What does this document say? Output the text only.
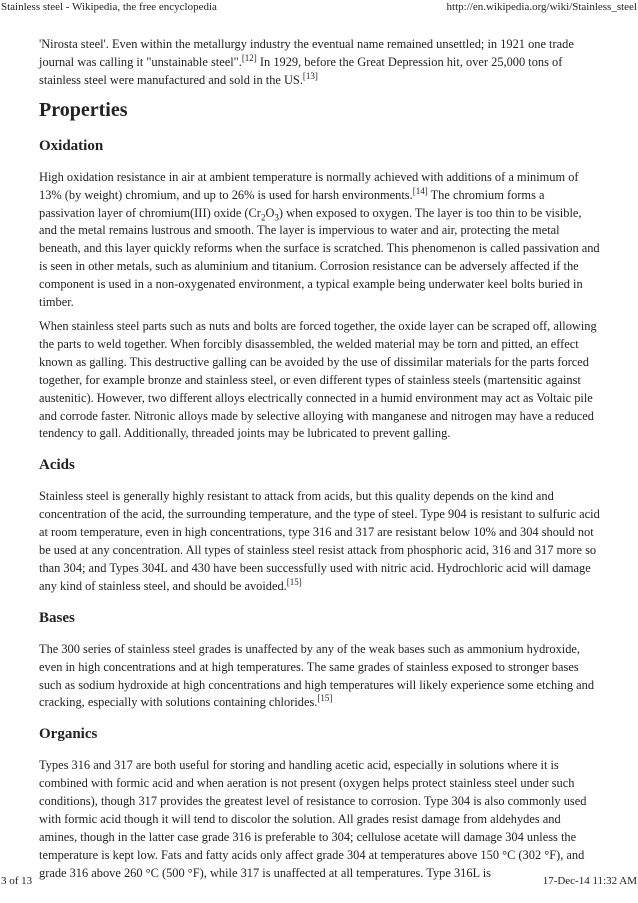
Stainless steel - Wikipedia, the free encyclopedia	http://en.wikipedia.org/wiki/Stainless_steel

'Nirosta steel'. Even within the metallurgy industry the eventual name remained unsettled; in 1921 one trade journal was calling it "unstainable steel".[12] In 1929, before the Great Depression hit, over 25,000 tons of stainless steel were manufactured and sold in the US.[13]

Properties
Oxidation

High oxidation resistance in air at ambient temperature is normally achieved with additions of a minimum of 13% (by weight) chromium, and up to 26% is used for harsh environments.[14] The chromium forms a passivation layer of chromium(III) oxide $(Cr_2O_3)$ when exposed to oxygen. The layer is too thin to be visible, and the metal remains lustrous and smooth. The layer is impervious to water and air, protecting the metal beneath, and this layer quickly reforms when the surface is scratched. This phenomenon is called passivation and is seen in other metals, such as aluminium and titanium. Corrosion resistance can be adversely affected if the component is used in a non-oxygenated environment, a typical example being underwater keel bolts buried in timber.

When stainless steel parts such as nuts and bolts are forced together, the oxide layer can be scraped off, allowing the parts to weld together. When forcibly disassembled, the welded material may be torn and pitted, an effect known as galling. This destructive galling can be avoided by the use of dissimilar materials for the parts forced together, for example bronze and stainless steel, or even different types of stainless steels (martensitic against austenitic). However, two different alloys electrically connected in a humid environment may act as Voltaic pile and corrode faster. Nitronic alloys made by selective alloying with manganese and nitrogen may have a reduced tendency to gall. Additionally, threaded joints may be lubricated to prevent galling.

Acids

Stainless steel is generally highly resistant to attack from acids, but this quality depends on the kind and concentration of the acid, the surrounding temperature, and the type of steel. Type 904 is resistant to sulfuric acid at room temperature, even in high concentrations, type 316 and 317 are resistant below 10% and 304 should not be used at any concentration. All types of stainless steel resist attack from phosphoric acid, 316 and 317 more so than 304; and Types 304L and 430 have been successfully used with nitric acid. Hydrochloric acid will damage any kind of stainless steel, and should be avoided.[15]

Bases

The 300 series of stainless steel grades is unaffected by any of the weak bases such as ammonium hydroxide, even in high concentrations and at high temperatures. The same grades of stainless exposed to stronger bases such as sodium hydroxide at high concentrations and high temperatures will likely experience some etching and cracking, especially with solutions containing chlorides.[15]

Organics

Types 316 and 317 are both useful for storing and handling acetic acid, especially in solutions where it is combined with formic acid and when aeration is not present (oxygen helps protect stainless steel under such conditions), though 317 provides the greatest level of resistance to corrosion. Type 304 is also commonly used with formic acid though it will tend to discolor the solution. All grades resist damage from aldehydes and amines, though in the latter case grade 316 is preferable to 304; cellulose acetate will damage 304 unless the temperature is kept low. Fats and fatty acids only affect grade 304 at temperatures above 150 °C (302 °F), and grade 316 above 260 °C (500 °F), while 317 is unaffected at all temperatures. Type 316L is

3 of 13	17-Dec-14 11:32 AM
